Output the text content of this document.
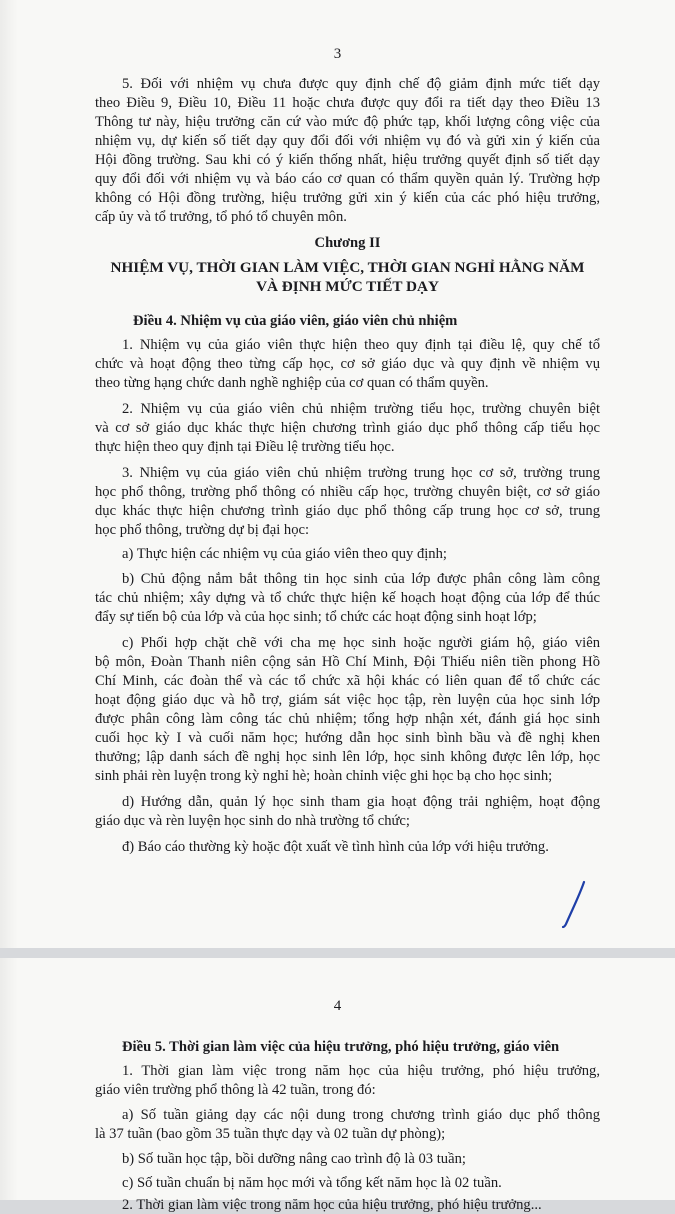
3
5. Đối với nhiệm vụ chưa được quy định chế độ giảm định mức tiết dạy
theo Điều 9, Điều 10, Điều 11 hoặc chưa được quy đổi ra tiết dạy theo Điều 13
Thông tư này, hiệu trưởng căn cứ vào mức độ phức tạp, khối lượng công việc của
nhiệm vụ, dự kiến số tiết dạy quy đổi đối với nhiệm vụ đó và gửi xin ý kiến của
Hội đồng trường. Sau khi có ý kiến thống nhất, hiệu trưởng quyết định số tiết dạy
quy đổi đối với nhiệm vụ và báo cáo cơ quan có thẩm quyền quản lý. Trường hợp
không có Hội đồng trường, hiệu trưởng gửi xin ý kiến của các phó hiệu trưởng,
cấp ủy và tổ trưởng, tổ phó tổ chuyên môn.
Chương II
NHIỆM VỤ, THỜI GIAN LÀM VIỆC, THỜI GIAN NGHỈ HẰNG NĂM
VÀ ĐỊNH MỨC TIẾT DẠY
Điều 4. Nhiệm vụ của giáo viên, giáo viên chủ nhiệm
1. Nhiệm vụ của giáo viên thực hiện theo quy định tại điều lệ, quy chế tổ
chức và hoạt động theo từng cấp học, cơ sở giáo dục và quy định về nhiệm vụ
theo từng hạng chức danh nghề nghiệp của cơ quan có thẩm quyền.
2. Nhiệm vụ của giáo viên chủ nhiệm trường tiểu học, trường chuyên biệt
và cơ sở giáo dục khác thực hiện chương trình giáo dục phổ thông cấp tiểu học
thực hiện theo quy định tại Điều lệ trường tiểu học.
3. Nhiệm vụ của giáo viên chủ nhiệm trường trung học cơ sở, trường trung
học phổ thông, trường phổ thông có nhiều cấp học, trường chuyên biệt, cơ sở giáo
dục khác thực hiện chương trình giáo dục phổ thông cấp trung học cơ sở, trung
học phổ thông, trường dự bị đại học:
a) Thực hiện các nhiệm vụ của giáo viên theo quy định;
b) Chủ động nắm bắt thông tin học sinh của lớp được phân công làm công
tác chủ nhiệm; xây dựng và tổ chức thực hiện kế hoạch hoạt động của lớp để thúc
đẩy sự tiến bộ của lớp và của học sinh; tổ chức các hoạt động sinh hoạt lớp;
c) Phối hợp chặt chẽ với cha mẹ học sinh hoặc người giám hộ, giáo viên
bộ môn, Đoàn Thanh niên cộng sản Hồ Chí Minh, Đội Thiếu niên tiền phong Hồ
Chí Minh, các đoàn thể và các tổ chức xã hội khác có liên quan để tổ chức các
hoạt động giáo dục và hỗ trợ, giám sát việc học tập, rèn luyện của học sinh lớp
được phân công làm công tác chủ nhiệm; tổng hợp nhận xét, đánh giá học sinh
cuối học kỳ I và cuối năm học; hướng dẫn học sinh bình bầu và đề nghị khen
thưởng; lập danh sách đề nghị học sinh lên lớp, học sinh không được lên lớp, học
sinh phải rèn luyện trong kỳ nghỉ hè; hoàn chỉnh việc ghi học bạ cho học sinh;
d) Hướng dẫn, quản lý học sinh tham gia hoạt động trải nghiệm, hoạt động
giáo dục và rèn luyện học sinh do nhà trường tổ chức;
đ) Báo cáo thường kỳ hoặc đột xuất về tình hình của lớp với hiệu trưởng.
4
Điều 5. Thời gian làm việc của hiệu trưởng, phó hiệu trưởng, giáo viên
1. Thời gian làm việc trong năm học của hiệu trưởng, phó hiệu trưởng,
giáo viên trường phổ thông là 42 tuần, trong đó:
a) Số tuần giảng dạy các nội dung trong chương trình giáo dục phổ thông
là 37 tuần (bao gồm 35 tuần thực dạy và 02 tuần dự phòng);
b) Số tuần học tập, bồi dưỡng nâng cao trình độ là 03 tuần;
c) Số tuần chuẩn bị năm học mới và tổng kết năm học là 02 tuần.
2. Thời gian làm việc trong năm học của hiệu trưởng, phó hiệu trưởng...
